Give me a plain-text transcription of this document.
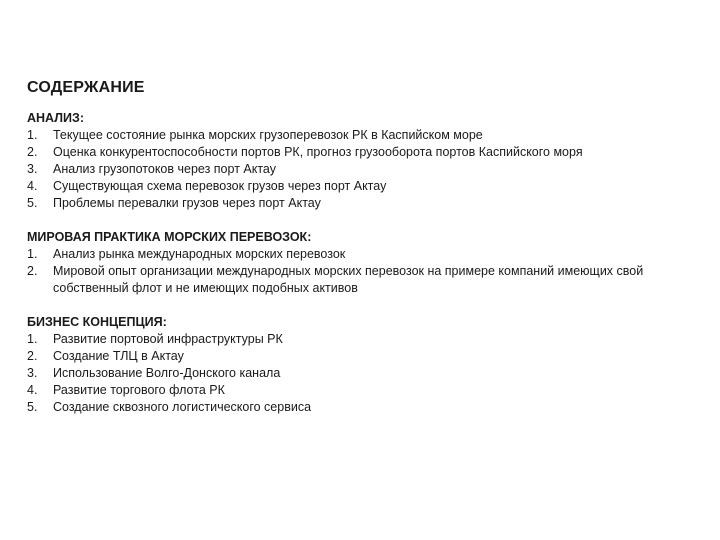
СОДЕРЖАНИЕ
АНАЛИЗ:
1.	Текущее состояние рынка морских грузоперевозок РК в Каспийском море
2.	Оценка конкурентоспособности портов РК, прогноз грузооборота портов Каспийского моря
3.	Анализ грузопотоков через порт Актау
4.	Существующая схема перевозок грузов через порт Актау
5.	Проблемы перевалки грузов через порт Актау
МИРОВАЯ ПРАКТИКА МОРСКИХ ПЕРЕВОЗОК:
1.	Анализ рынка международных морских перевозок
2.	Мировой опыт организации международных морских перевозок на примере компаний имеющих свой собственный флот и не имеющих подобных активов
БИЗНЕС КОНЦЕПЦИЯ:
1.	Развитие портовой инфраструктуры РК
2.	Создание ТЛЦ в Актау
3.	Использование Волго-Донского канала
4.	Развитие торгового флота РК
5.	Создание сквозного логистического сервиса
